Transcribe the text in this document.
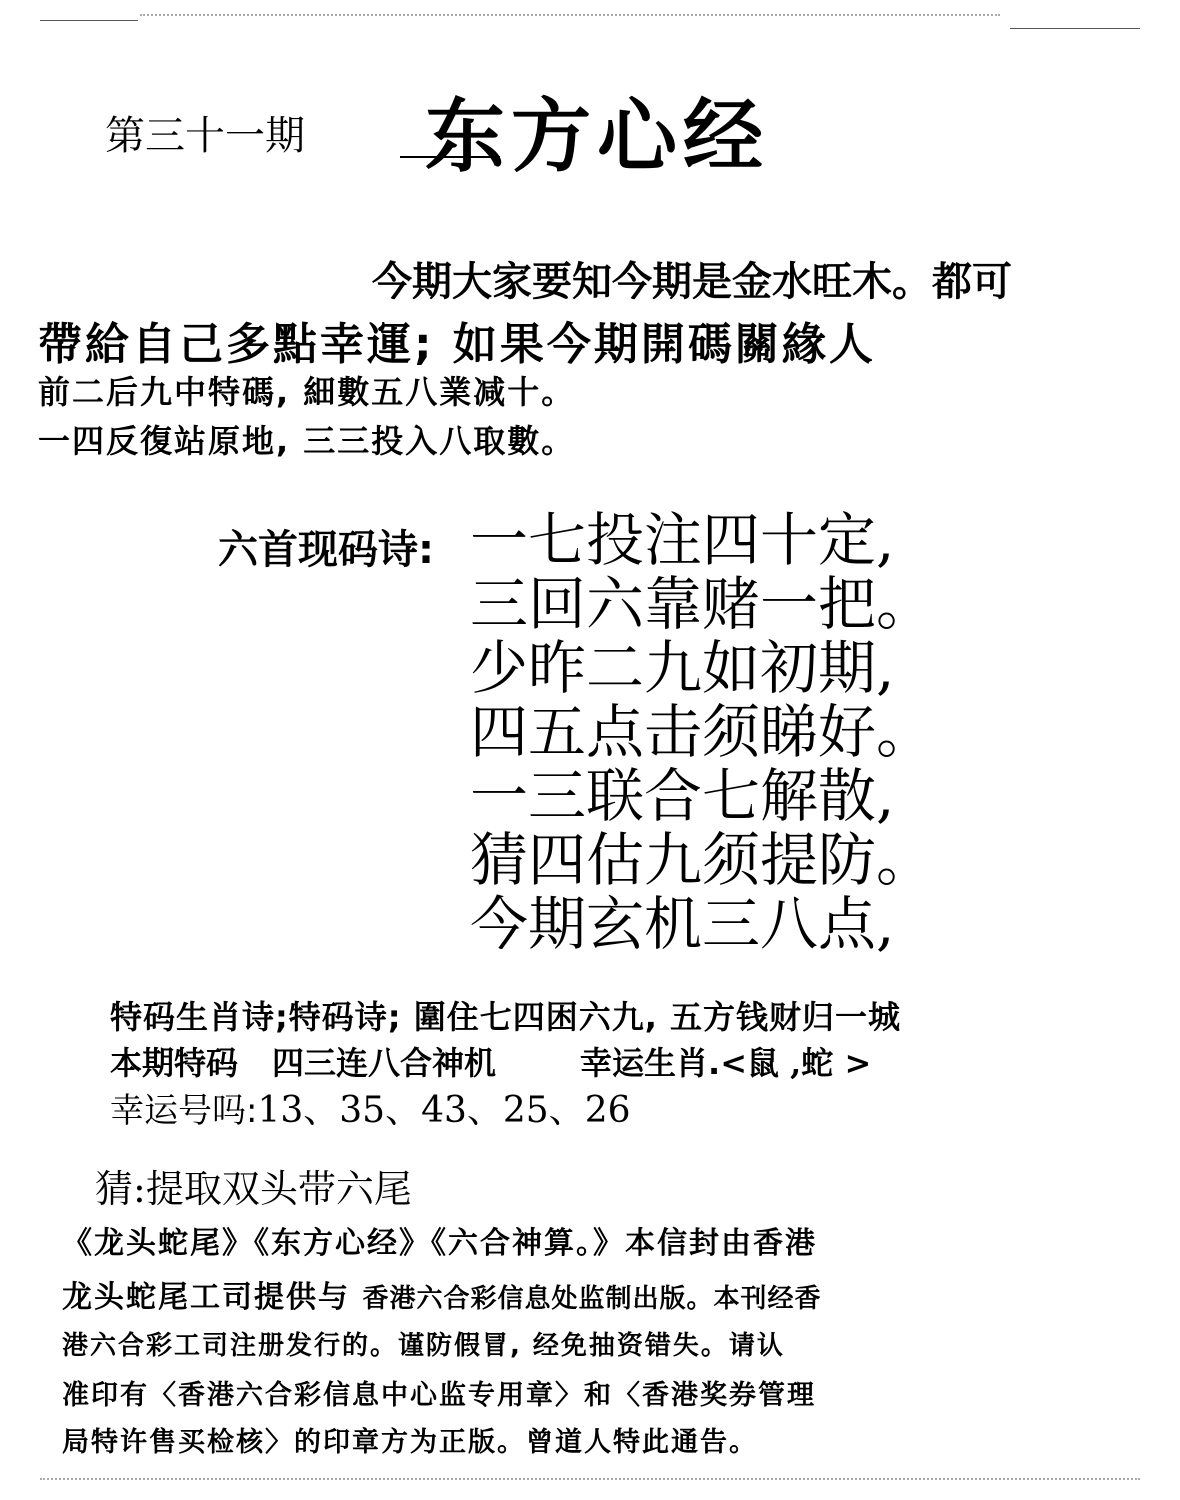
第三十一期 东方心经
今期大家要知今期是金水旺木。都可
帶給自己多點幸運; 如果今期開碼關緣人
前二后九中特碼, 細數五八業减十。
一四反復站原地, 三三投入八取數。
六首现码诗: 一七投注四十定,
三回六靠赌一把。
少昨二九如初期,
四五点击须睇好。
一三联合七解散,
猜四估九须提防。
今期玄机三八点,
特码生肖诗;特码诗; 圍住七四困六九, 五方钱财归一城
本期特码 四三连八合神机	幸运生肖.<鼠 ,蛇 >
幸运号吗:13、35、43、25、26
猜:提取双头带六尾
《龙头蛇尾》《东方心经》《六合神算。》本信封由香港
龙头蛇尾工司提供与 香港六合彩信息处监制出版。本刊经香
港六合彩工司注册发行的。谨防假冒, 经免抽资错失。请认
准印有〈香港六合彩信息中心监专用章〉和〈香港奖券管理
局特许售买检核〉的印章方为正版。曾道人特此通告。
